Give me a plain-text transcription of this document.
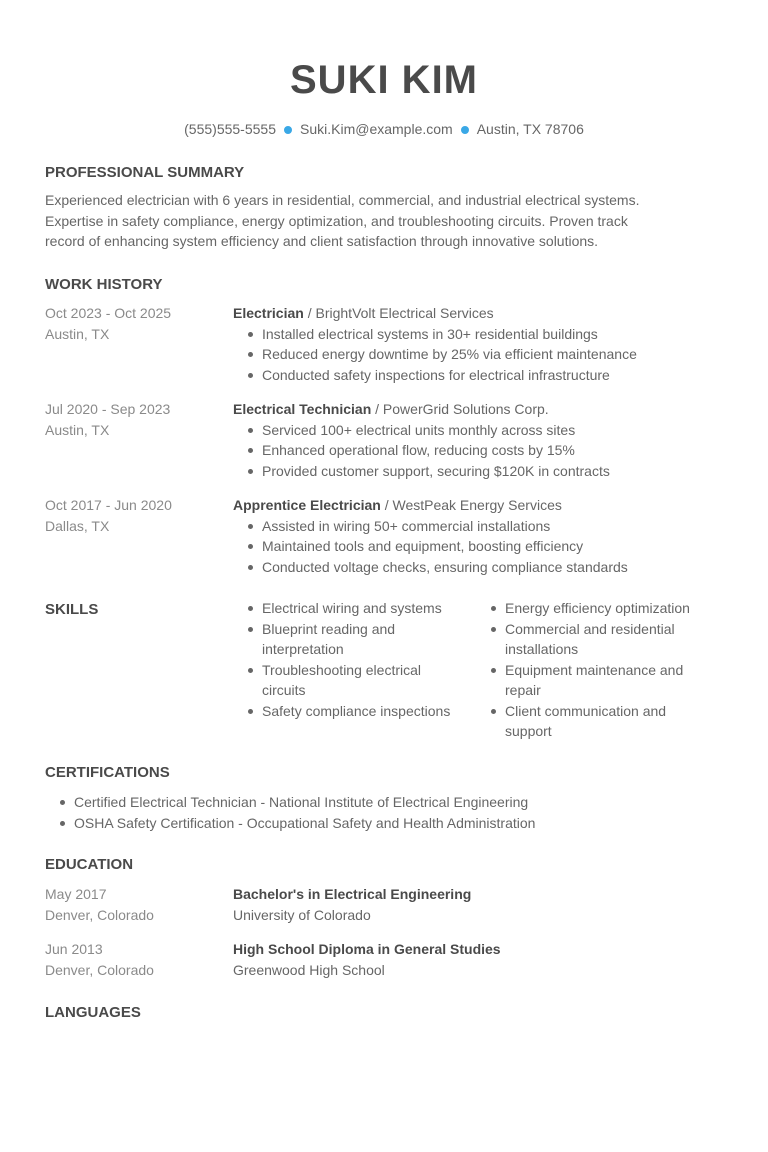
SUKI KIM
(555)555-5555 Suki.Kim@example.com Austin, TX 78706
PROFESSIONAL SUMMARY
Experienced electrician with 6 years in residential, commercial, and industrial electrical systems.
Expertise in safety compliance, energy optimization, and troubleshooting circuits. Proven track
record of enhancing system efficiency and client satisfaction through innovative solutions.
WORK HISTORY
Oct 2023 - Oct 2025
Austin, TX
Electrician / BrightVolt Electrical Services
Installed electrical systems in 30+ residential buildings
Reduced energy downtime by 25% via efficient maintenance
Conducted safety inspections for electrical infrastructure
Jul 2020 - Sep 2023
Austin, TX
Electrical Technician / PowerGrid Solutions Corp.
Serviced 100+ electrical units monthly across sites
Enhanced operational flow, reducing costs by 15%
Provided customer support, securing $120K in contracts
Oct 2017 - Jun 2020
Dallas, TX
Apprentice Electrician / WestPeak Energy Services
Assisted in wiring 50+ commercial installations
Maintained tools and equipment, boosting efficiency
Conducted voltage checks, ensuring compliance standards
SKILLS	Electrical wiring and systems
Blueprint reading and interpretation
Troubleshooting electrical circuits
Safety compliance inspections
Energy efficiency optimization
Commercial and residential installations
Equipment maintenance and repair
Client communication and support
CERTIFICATIONS
Certified Electrical Technician - National Institute of Electrical Engineering
OSHA Safety Certification - Occupational Safety and Health Administration
EDUCATION
May 2017
Denver, Colorado
Bachelor's in Electrical Engineering
University of Colorado
Jun 2013
Denver, Colorado
High School Diploma in General Studies
Greenwood High School
LANGUAGES
